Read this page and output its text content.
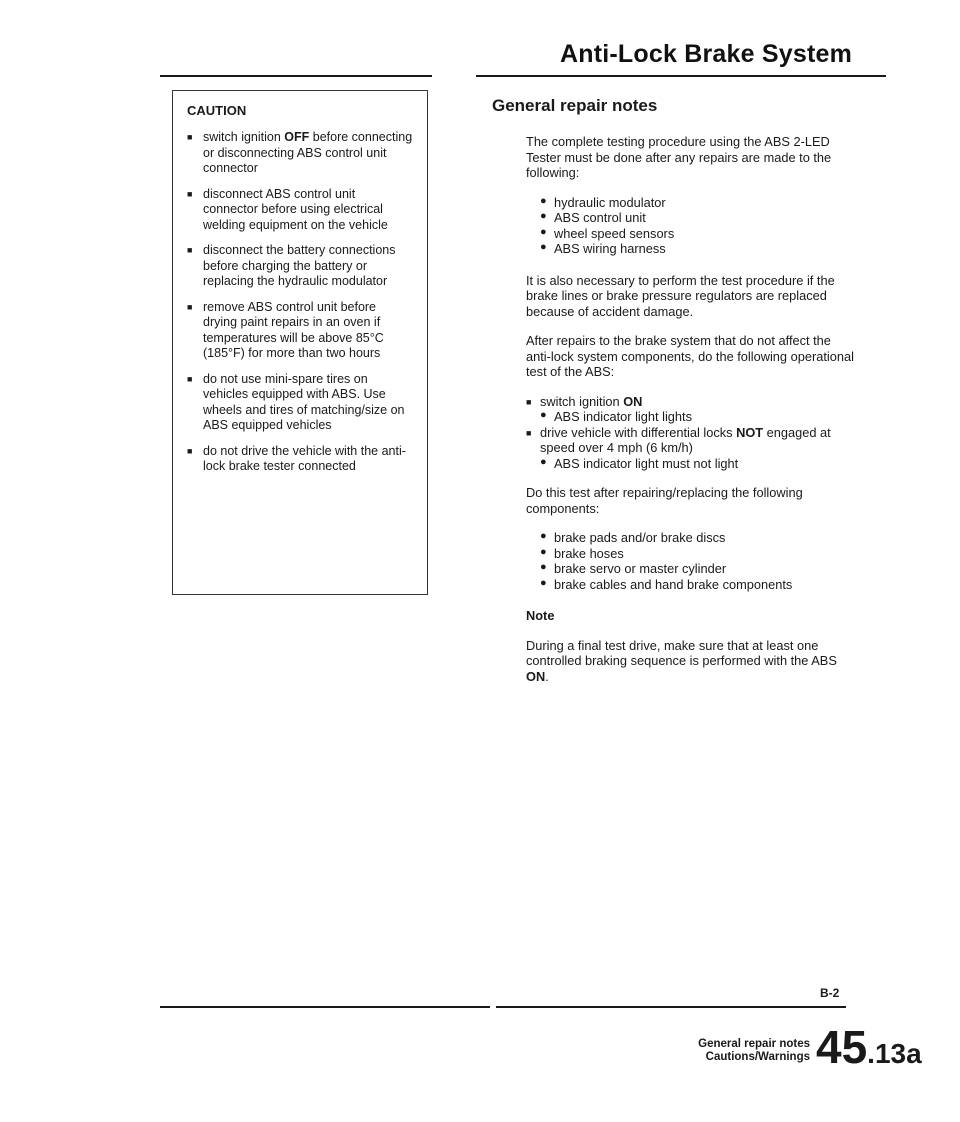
Anti-Lock Brake System
CAUTION
■ switch ignition OFF before connecting or disconnecting ABS control unit connector
■ disconnect ABS control unit connector before using electrical welding equipment on the vehicle
■ disconnect the battery connections before charging the battery or replacing the hydraulic modulator
■ remove ABS control unit before drying paint repairs in an oven if temperatures will be above 85°C (185°F) for more than two hours
■ do not use mini-spare tires on vehicles equipped with ABS. Use wheels and tires of matching/size on ABS equipped vehicles
■ do not drive the vehicle with the anti-lock brake tester connected
General repair notes

The complete testing procedure using the ABS 2-LED Tester must be done after any repairs are made to the following:

● hydraulic modulator
● ABS control unit
● wheel speed sensors
● ABS wiring harness

It is also necessary to perform the test procedure if the brake lines or brake pressure regulators are replaced because of accident damage.

After repairs to the brake system that do not affect the anti-lock system components, do the following operational test of the ABS:

■ switch ignition ON
● ABS indicator light lights
■ drive vehicle with differential locks NOT engaged at speed over 4 mph (6 km/h)
● ABS indicator light must not light

Do this test after repairing/replacing the following components:

● brake pads and/or brake discs
● brake hoses
● brake servo or master cylinder
● brake cables and hand brake components
Note

During a final test drive, make sure that at least one controlled braking sequence is performed with the ABS ON.

B-2
General repair notes
Cautions/Warnings 45.13a
